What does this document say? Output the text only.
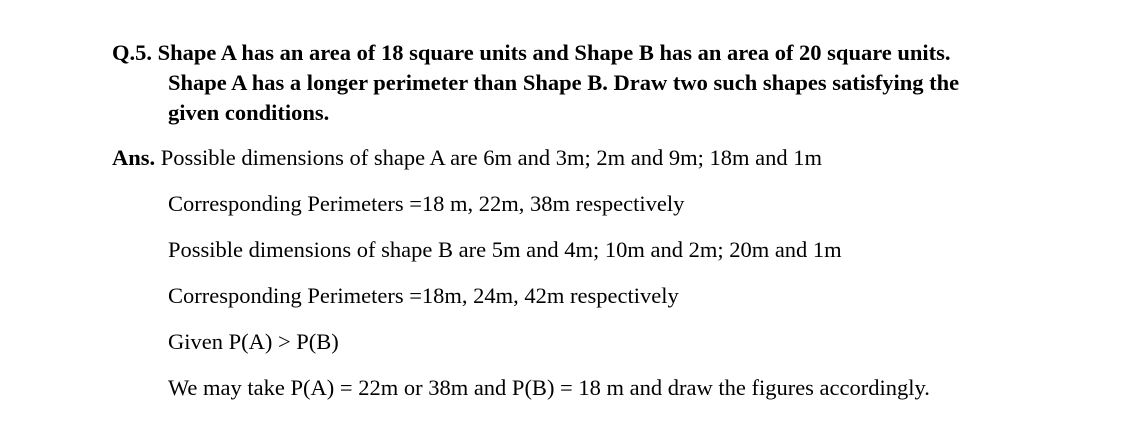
Q.5. Shape A has an area of 18 square units and Shape B has an area of 20 square units.
Shape A has a longer perimeter than Shape B. Draw two such shapes satisfying the
given conditions.
Ans. Possible dimensions of shape A are 6m and 3m; 2m and 9m; 18m and 1m
Corresponding Perimeters =18 m, 22m, 38m respectively
Possible dimensions of shape B are 5m and 4m; 10m and 2m; 20m and 1m
Corresponding Perimeters =18m, 24m, 42m respectively
Given P(A) > P(B)
We may take P(A) = 22m or 38m and P(B) = 18 m and draw the figures accordingly.
